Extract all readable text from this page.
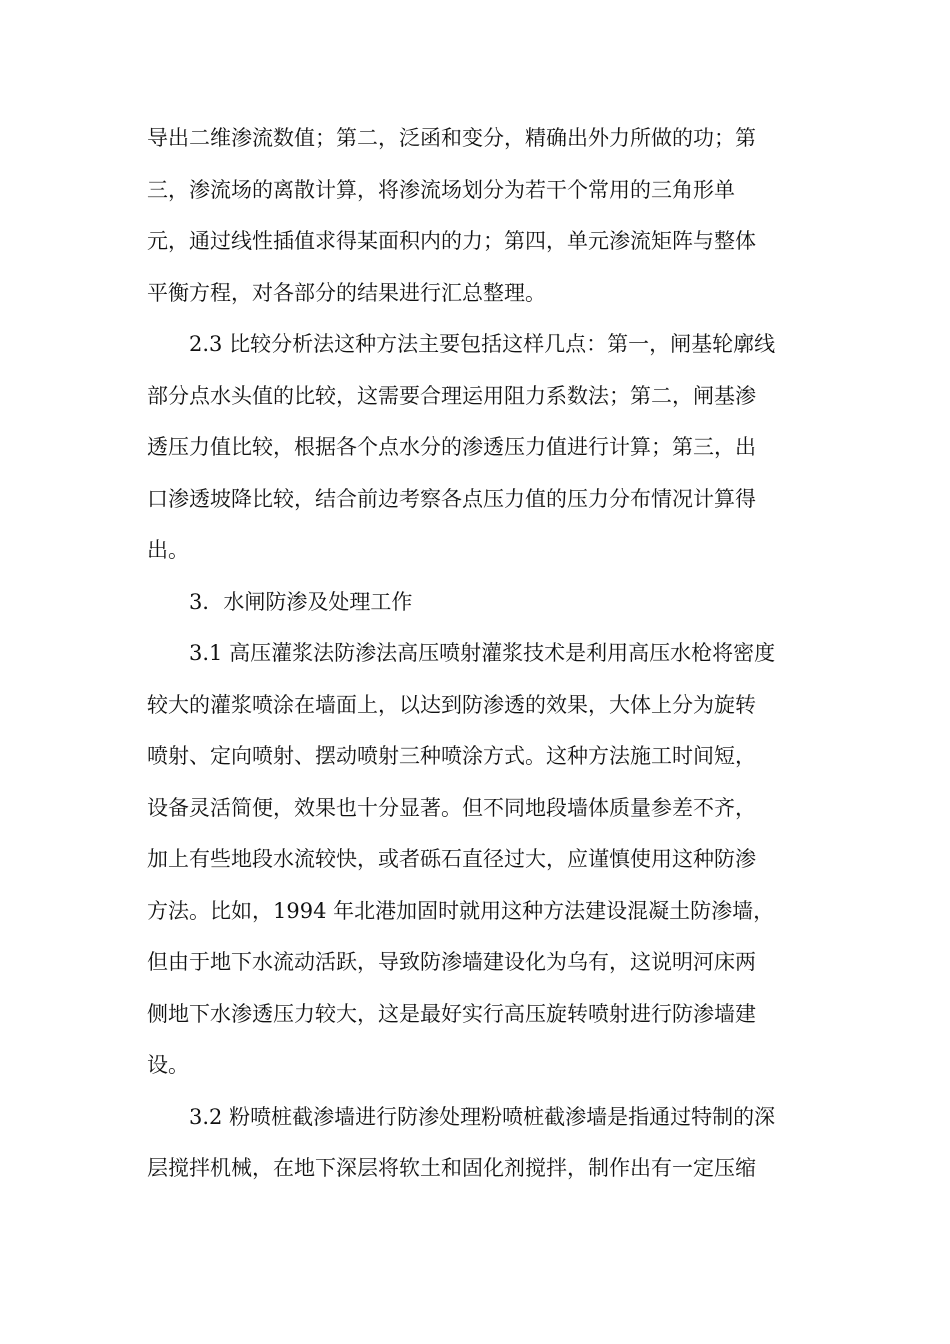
导出二维渗流数值；第二，泛函和变分，精确出外力所做的功；第
三，渗流场的离散计算，将渗流场划分为若干个常用的三角形单
元，通过线性插值求得某面积内的力；第四，单元渗流矩阵与整体
平衡方程，对各部分的结果进行汇总整理。

2.3 比较分析法这种方法主要包括这样几点：第一，闸基轮廓线
部分点水头值的比较，这需要合理运用阻力系数法；第二，闸基渗
透压力值比较，根据各个点水分的渗透压力值进行计算；第三，出
口渗透坡降比较，结合前边考察各点压力值的压力分布情况计算得
出。

3．水闸防渗及处理工作

3.1 高压灌浆法防渗法高压喷射灌浆技术是利用高压水枪将密度
较大的灌浆喷涂在墙面上，以达到防渗透的效果，大体上分为旋转
喷射、定向喷射、摆动喷射三种喷涂方式。这种方法施工时间短，
设备灵活简便，效果也十分显著。但不同地段墙体质量参差不齐，
加上有些地段水流较快，或者砾石直径过大，应谨慎使用这种防渗
方法。比如，1994 年北港加固时就用这种方法建设混凝土防渗墙，
但由于地下水流动活跃，导致防渗墙建设化为乌有，这说明河床两
侧地下水渗透压力较大，这是最好实行高压旋转喷射进行防渗墙建
设。

3.2 粉喷桩截渗墙进行防渗处理粉喷桩截渗墙是指通过特制的深
层搅拌机械，在地下深层将软土和固化剂搅拌，制作出有一定压缩
